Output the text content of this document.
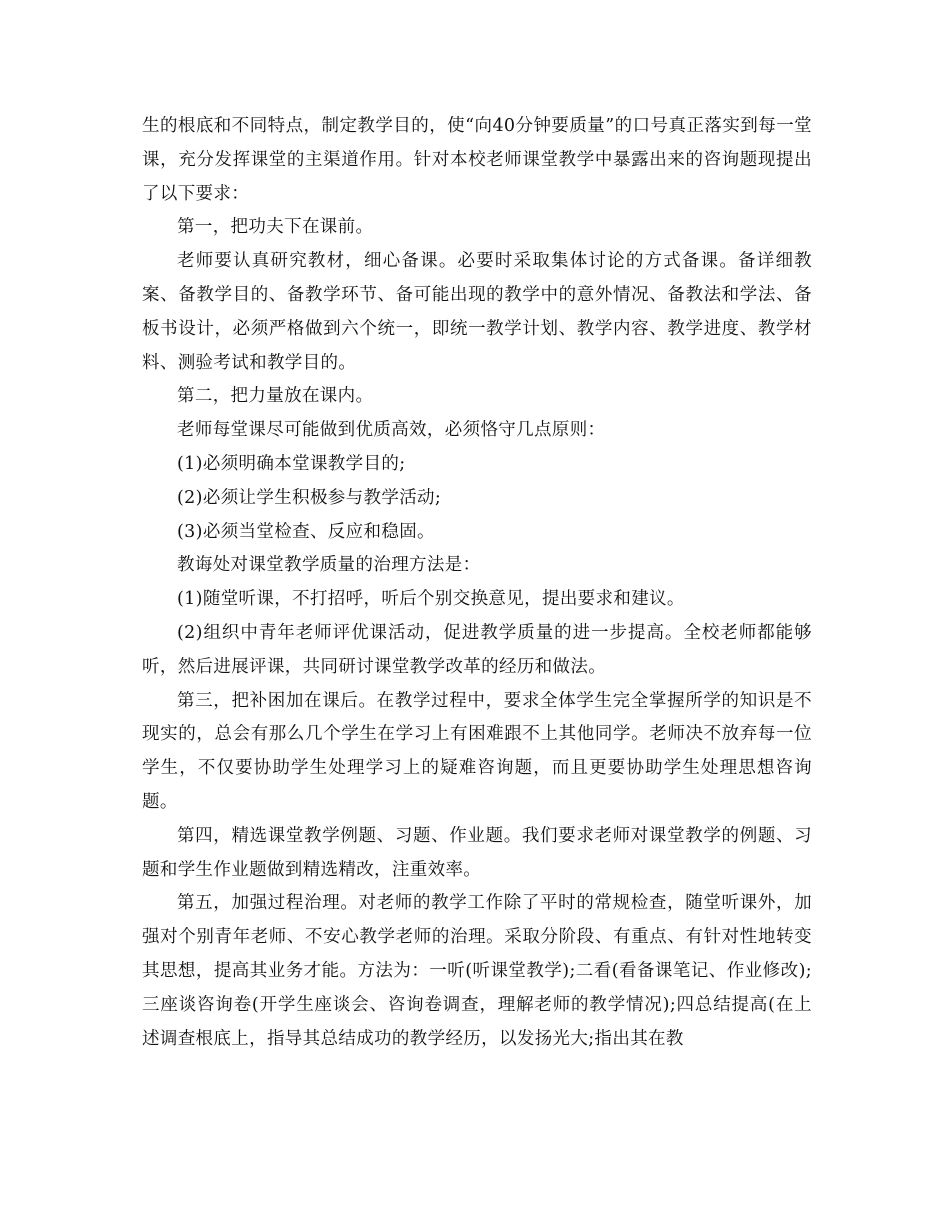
生的根底和不同特点，制定教学目的，使“向40分钟要质量”的口号真正落实到每一堂课，充分发挥课堂的主渠道作用。针对本校老师课堂教学中暴露出来的咨询题现提出了以下要求：

第一，把功夫下在课前。

老师要认真研究教材，细心备课。必要时采取集体讨论的方式备课。备详细教案、备教学目的、备教学环节、备可能出现的教学中的意外情况、备教法和学法、备板书设计，必须严格做到六个统一，即统一教学计划、教学内容、教学进度、教学材料、测验考试和教学目的。

第二，把力量放在课内。

老师每堂课尽可能做到优质高效，必须恪守几点原则：

(1)必须明确本堂课教学目的;

(2)必须让学生积极参与教学活动;

(3)必须当堂检查、反应和稳固。

教诲处对课堂教学质量的治理方法是：

(1)随堂听课，不打招呼，听后个别交换意见，提出要求和建议。

(2)组织中青年老师评优课活动，促进教学质量的进一步提高。全校老师都能够听，然后进展评课，共同研讨课堂教学改革的经历和做法。

第三，把补困加在课后。在教学过程中，要求全体学生完全掌握所学的知识是不现实的，总会有那么几个学生在学习上有困难跟不上其他同学。老师决不放弃每一位学生，不仅要协助学生处理学习上的疑难咨询题，而且更要协助学生处理思想咨询题。

第四，精选课堂教学例题、习题、作业题。我们要求老师对课堂教学的例题、习题和学生作业题做到精选精改，注重效率。

第五，加强过程治理。对老师的教学工作除了平时的常规检查，随堂听课外，加强对个别青年老师、不安心教学老师的治理。采取分阶段、有重点、有针对性地转变其思想，提高其业务才能。方法为：一听(听课堂教学);二看(看备课笔记、作业修改);三座谈咨询卷(开学生座谈会、咨询卷调查，理解老师的教学情况);四总结提高(在上述调查根底上，指导其总结成功的教学经历，以发扬光大;指出其在教
